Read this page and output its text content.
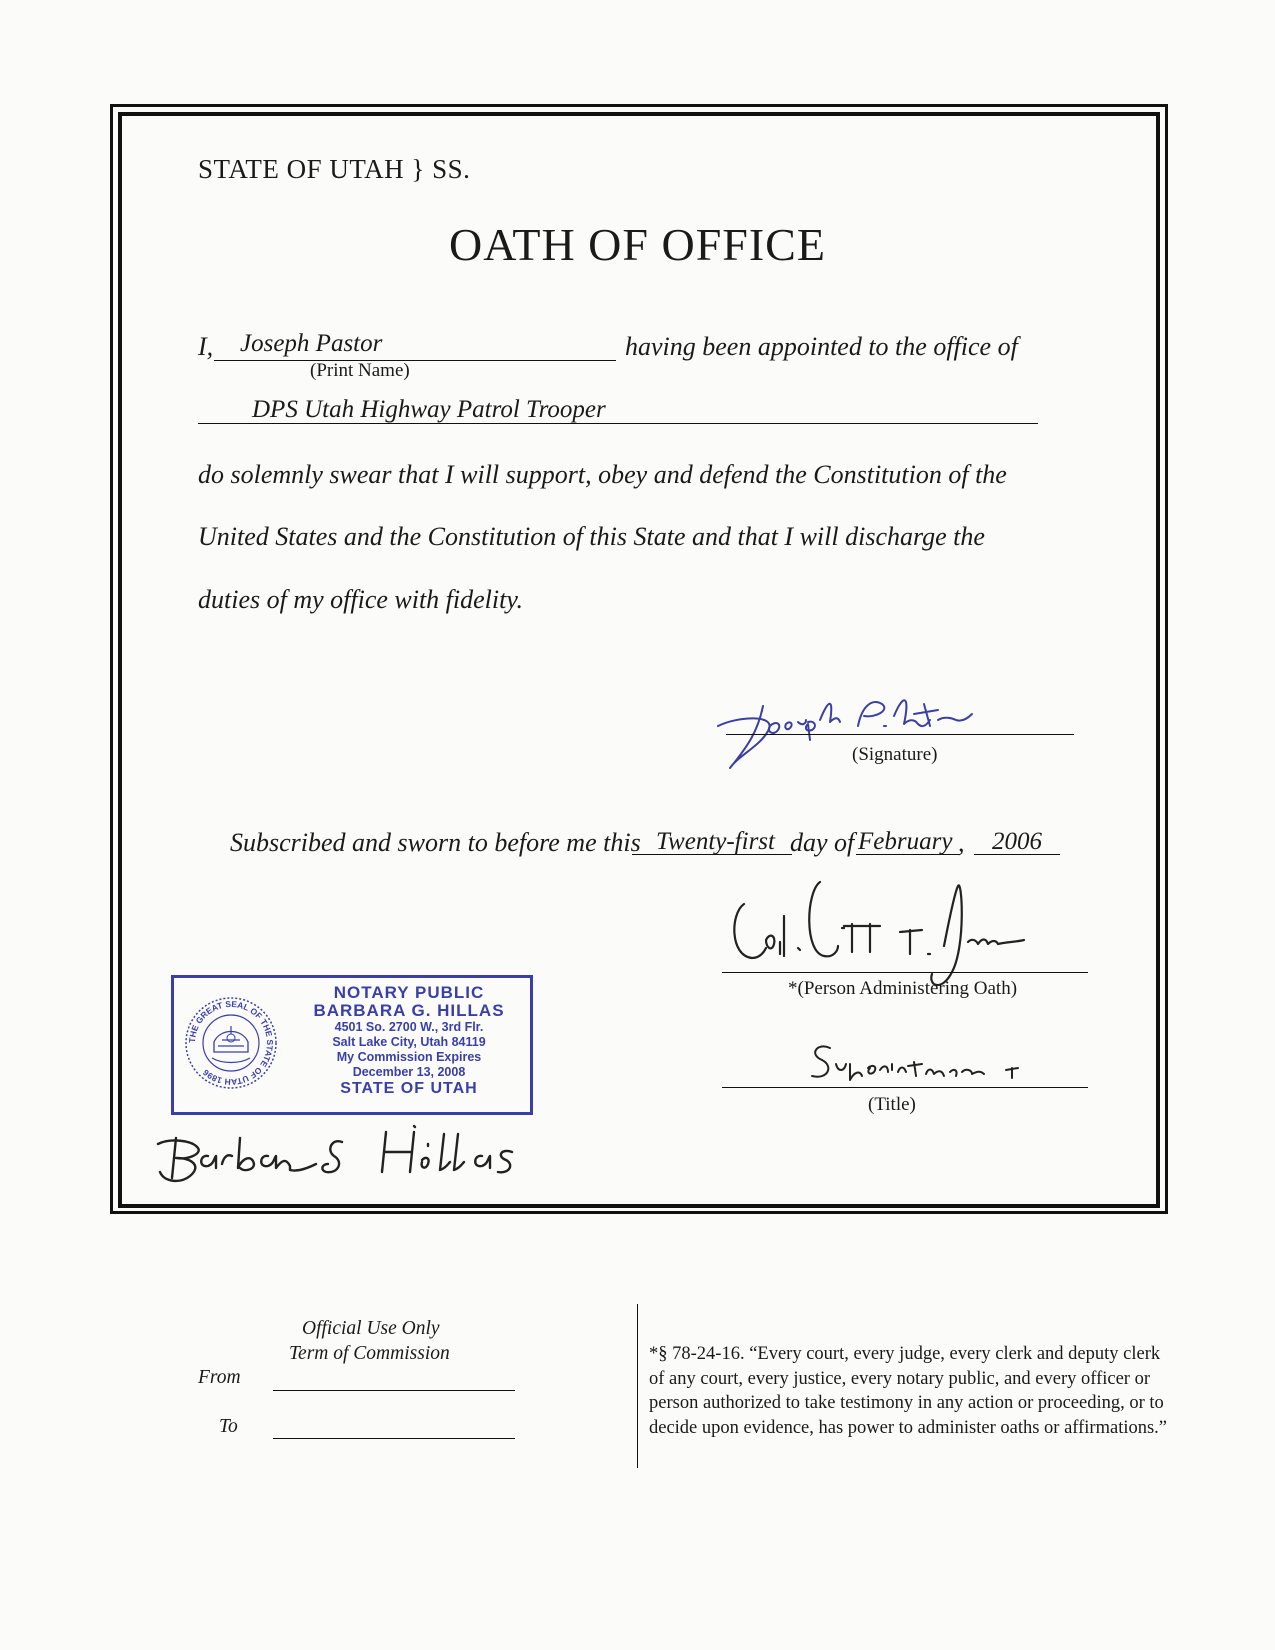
STATE OF UTAH } SS.
OATH OF OFFICE
I, Joseph Pastor	having been appointed to the office of
(Print Name)
DPS Utah Highway Patrol Trooper
do solemnly swear that I will support, obey and defend the Constitution of the
United States and the Constitution of this State and that I will discharge the
duties of my office with fidelity.
(Signature)
Subscribed and sworn to before me this Twenty-first day of February , 2006
*(Person Administering Oath)
(Title)
THE GREAT SEAL OF THE STATE OF UTAH 1896
NOTARY PUBLIC
BARBARA G. HILLAS
4501 So. 2700 W., 3rd Flr.
Salt Lake City, Utah 84119
My Commission Expires
December 13, 2008
STATE OF UTAH
Official Use Only
Term of Commission
From
To
*§ 78-24-16. “Every court, every judge, every clerk and deputy clerk of any court, every justice, every notary public, and every officer or person authorized to take testimony in any action or proceeding, or to decide upon evidence, has power to administer oaths or affirmations.”
